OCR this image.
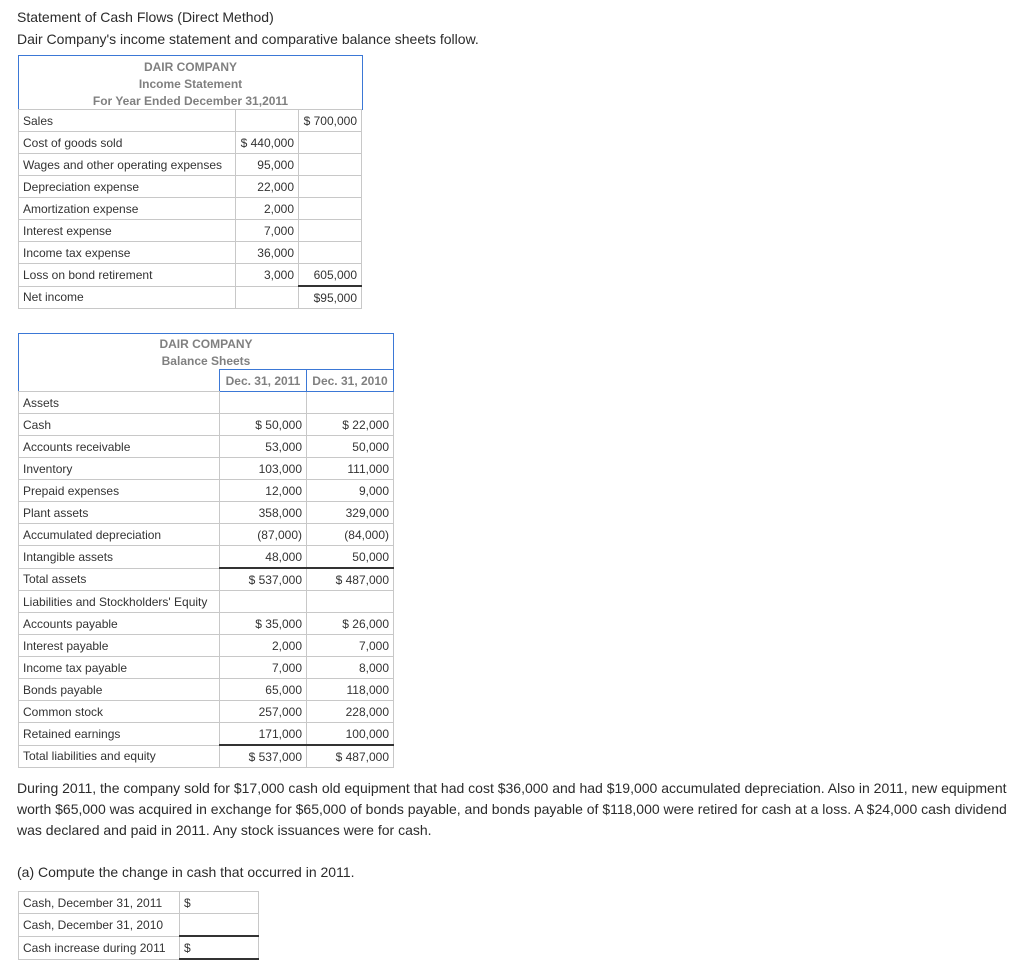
Statement of Cash Flows (Direct Method)
Dair Company's income statement and comparative balance sheets follow.
DAIR COMPANY
Income Statement
For Year Ended December 31,2011
Sales		$ 700,000
Cost of goods sold	$ 440,000	
Wages and other operating expenses	95,000	
Depreciation expense	22,000	
Amortization expense	2,000	
Interest expense	7,000	
Income tax expense	36,000	
Loss on bond retirement	3,000	605,000
Net income		$95,000
DAIR COMPANY
Balance Sheets
	Dec. 31, 2011	Dec. 31, 2010
Assets		
Cash	$ 50,000	$ 22,000
Accounts receivable	53,000	50,000
Inventory	103,000	111,000
Prepaid expenses	12,000	9,000
Plant assets	358,000	329,000
Accumulated depreciation	(87,000)	(84,000)
Intangible assets	48,000	50,000
Total assets	$ 537,000	$ 487,000
Liabilities and Stockholders' Equity		
Accounts payable	$ 35,000	$ 26,000
Interest payable	2,000	7,000
Income tax payable	7,000	8,000
Bonds payable	65,000	118,000
Common stock	257,000	228,000
Retained earnings	171,000	100,000
Total liabilities and equity	$ 537,000	$ 487,000
During 2011, the company sold for $17,000 cash old equipment that had cost $36,000 and had $19,000 accumulated depreciation. Also in 2011, new equipment worth $65,000 was acquired in exchange for $65,000 of bonds payable, and bonds payable of $118,000 were retired for cash at a loss. A $24,000 cash dividend was declared and paid in 2011. Any stock issuances were for cash.
(a) Compute the change in cash that occurred in 2011.
Cash, December 31, 2011	$
Cash, December 31, 2010	
Cash increase during 2011	$
